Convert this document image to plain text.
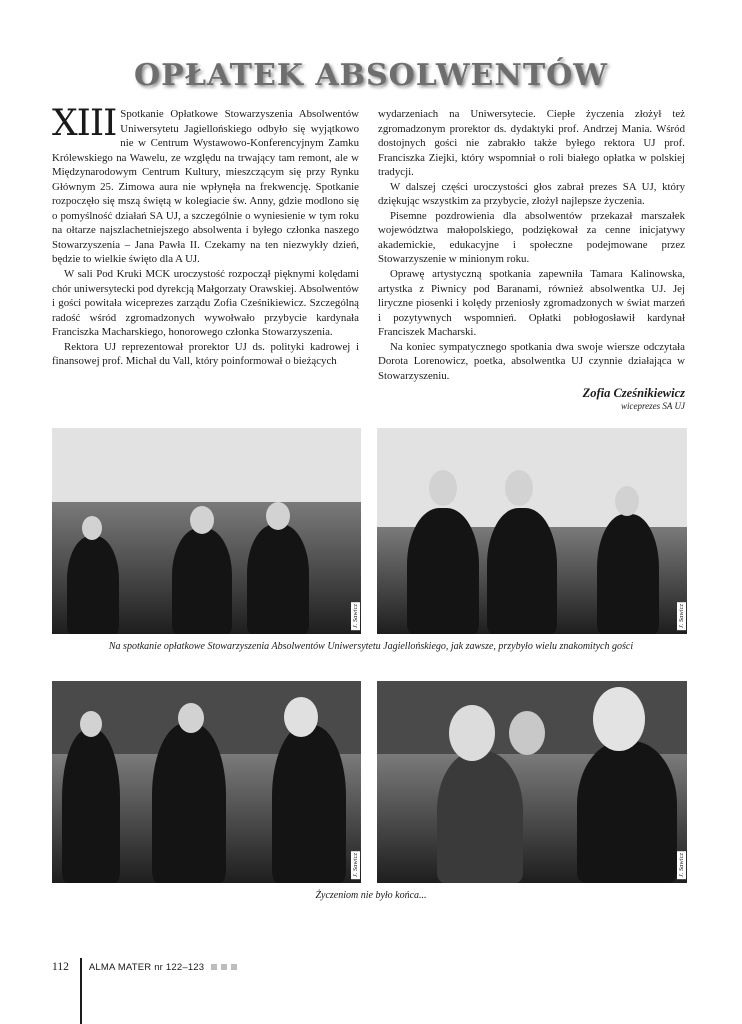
OPŁATEK ABSOLWENTÓW

XIII Spotkanie Opłatkowe Stowarzyszenia Absolwentów Uniwersytetu Jagiellońskiego odbyło się wyjątkowo nie w Centrum Wystawowo-Konferencyjnym Zamku Królewskiego na Wawelu, ze względu na trwający tam remont, ale w Międzynarodowym Centrum Kultury, mieszczącym się przy Rynku Głównym 25. Zimowa aura nie wpłynęła na frekwencję. Spotkanie rozpoczęło się mszą świętą w kolegiacie św. Anny, gdzie modlono się o pomyślność działań SA UJ, a szczególnie o wyniesienie w tym roku na ołtarze najszlachetniejszego absolwenta i byłego członka naszego Stowarzyszenia – Jana Pawła II. Czekamy na ten niezwykły dzień, będzie to wielkie święto dla A UJ.

W sali Pod Kruki MCK uroczystość rozpoczął pięknymi kolędami chór uniwersytecki pod dyrekcją Małgorzaty Orawskiej. Absolwentów i gości powitała wiceprezes zarządu Zofia Cześnikiewicz. Szczególną radość wśród zgromadzonych wywołwało przybycie kardynała Franciszka Macharskiego, honorowego członka Stowarzyszenia.

Rektora UJ reprezentował prorektor UJ ds. polityki kadrowej i finansowej prof. Michał du Vall, który poinformował o bieżących

wydarzeniach na Uniwersytecie. Ciepłe życzenia złożył też zgromadzonym prorektor ds. dydaktyki prof. Andrzej Mania. Wśród dostojnych gości nie zabrakło także byłego rektora UJ prof. Franciszka Ziejki, który wspomniał o roli białego opłatka w polskiej tradycji.

W dalszej części uroczystości głos zabrał prezes SA UJ, który dziękując wszystkim za przybycie, złożył najlepsze życzenia.

Pisemne pozdrowienia dla absolwentów przekazał marszałek województwa małopolskiego, podziękował za cenne inicjatywy akademickie, edukacyjne i społeczne podejmowane przez Stowarzyszenie w minionym roku.

Oprawę artystyczną spotkania zapewniła Tamara Kalinowska, artystka z Piwnicy pod Baranami, również absolwentka UJ. Jej liryczne piosenki i kolędy przeniosły zgromadzonych w świat marzeń i pozytywnych wspomnień. Opłatki pobłogosławił kardynał Franciszek Macharski.

Na koniec sympatycznego spotkania dwa swoje wiersze odczytała Dorota Lorenowicz, poetka, absolwentka UJ czynnie działająca w Stowarzyszeniu.

Zofia Cześnikiewicz
wiceprezes SA UJ
J. Sawicz	J. Sawicz
Na spotkanie opłatkowe Stowarzyszenia Absolwentów Uniwersytetu Jagiellońskiego, jak zawsze, przybyło wielu znakomitych gości
J. Sawicz	J. Sawicz
Życzeniom nie było końca...
112 ALMA MATER nr 122–123
